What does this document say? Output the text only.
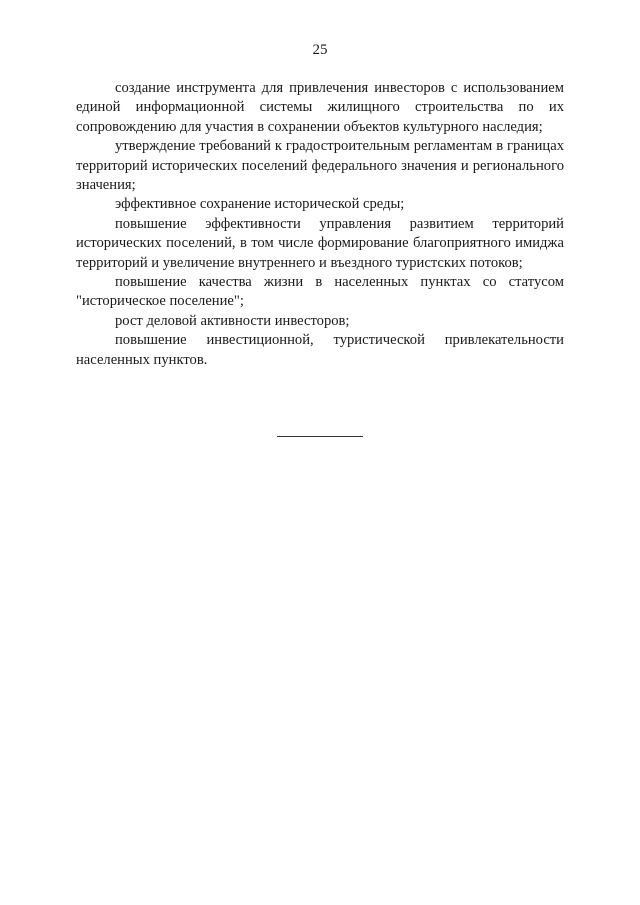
25

создание инструмента для привлечения инвесторов с использованием единой информационной системы жилищного строительства по их сопровождению для участия в сохранении объектов культурного наследия;

утверждение требований к градостроительным регламентам в границах территорий исторических поселений федерального значения и регионального значения;

эффективное сохранение исторической среды;

повышение эффективности управления развитием территорий исторических поселений, в том числе формирование благоприятного имиджа территорий и увеличение внутреннего и въездного туристских потоков;

повышение качества жизни в населенных пунктах со статусом "историческое поселение";

рост деловой активности инвесторов;

повышение инвестиционной, туристической привлекательности населенных пунктов.
